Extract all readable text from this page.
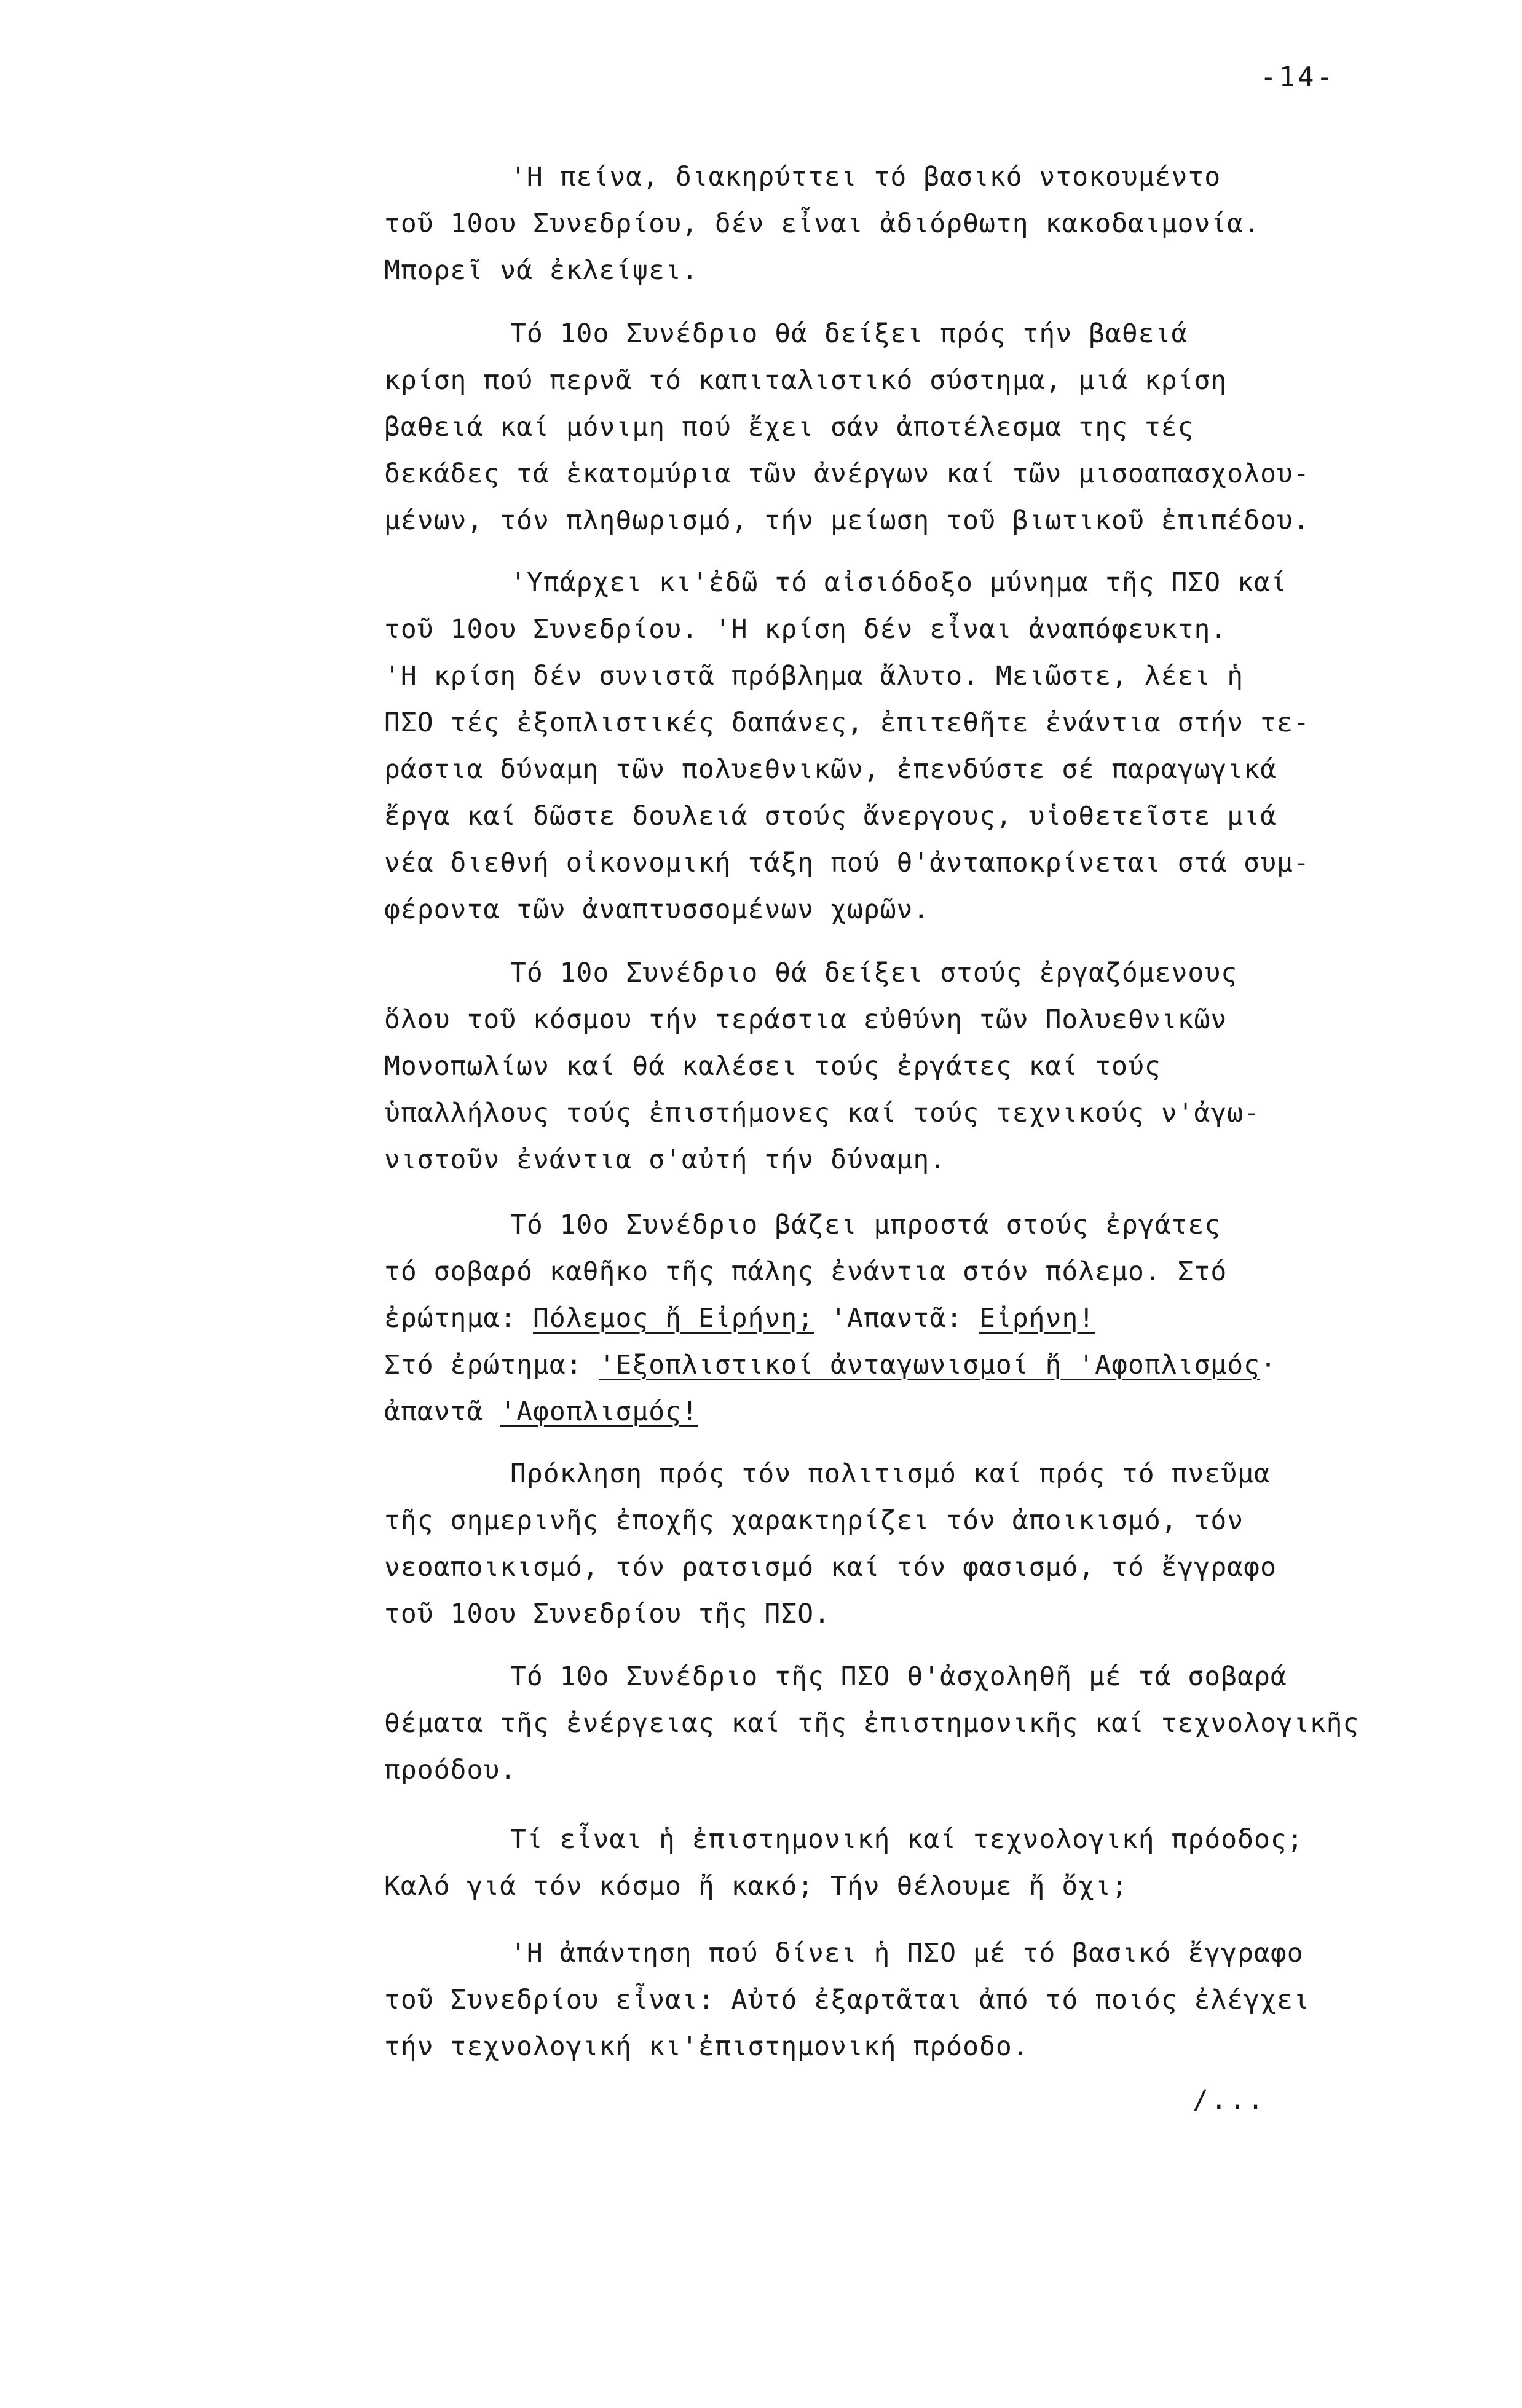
-14-
'Η πείνα, διακηρύττει τό βασικό ντοκουμέντο
τοῦ 10ου Συνεδρίου, δέν εἶναι ἀδιόρθωτη κακοδαιμονία.
Μπορεῖ νά ἐκλείψει.
Τό 10ο Συνέδριο θά δείξει πρός τήν βαθειά
κρίση πού περνᾶ τό καπιταλιστικό σύστημα, μιά κρίση
βαθειά καί μόνιμη πού ἔχει σάν ἀποτέλεσμα της τές
δεκάδες τά ἑκατομύρια τῶν ἀνέργων καί τῶν μισοαπασχολου-
μένων, τόν πληθωρισμό, τήν μείωση τοῦ βιωτικοῦ ἐπιπέδου.
'Υπάρχει κι'ἐδῶ τό αἰσιόδοξο μύνημα τῆς ΠΣΟ καί
τοῦ 10ου Συνεδρίου. 'Η κρίση δέν εἶναι ἀναπόφευκτη.
'Η κρίση δέν συνιστᾶ πρόβλημα ἄλυτο. Μειῶστε, λέει ἡ
ΠΣΟ τές ἐξοπλιστικές δαπάνες, ἐπιτεθῆτε ἐνάντια στήν τε-
ράστια δύναμη τῶν πολυεθνικῶν, ἐπενδύστε σέ παραγωγικά
ἔργα καί δῶστε δουλειά στούς ἄνεργους, υἱοθετεῖστε μιά
νέα διεθνή οἰκονομική τάξη πού θ'ἀνταποκρίνεται στά συμ-
φέροντα τῶν ἀναπτυσσομένων χωρῶν.
Τό 10ο Συνέδριο θά δείξει στούς ἐργαζόμενους
ὅλου τοῦ κόσμου τήν τεράστια εὐθύνη τῶν Πολυεθνικῶν
Μονοπωλίων καί θά καλέσει τούς ἐργάτες καί τούς
ὑπαλλήλους τούς ἐπιστήμονες καί τούς τεχνικούς ν'ἀγω-
νιστοῦν ἐνάντια σ'αὐτή τήν δύναμη.
Τό 10ο Συνέδριο βάζει μπροστά στούς ἐργάτες
τό σοβαρό καθῆκο τῆς πάλης ἐνάντια στόν πόλεμο. Στό
ἐρώτημα: Πόλεμος ἤ Εἰρήνη; 'Απαντᾶ: Εἰρήνη!
Στό ἐρώτημα: 'Εξοπλιστικοί ἀνταγωνισμοί ἤ 'Αφοπλισμός·
ἀπαντᾶ 'Αφοπλισμός!
Πρόκληση πρός τόν πολιτισμό καί πρός τό πνεῦμα
τῆς σημερινῆς ἐποχῆς χαρακτηρίζει τόν ἀποικισμό, τόν
νεοαποικισμό, τόν ρατσισμό καί τόν φασισμό, τό ἔγγραφο
τοῦ 10ου Συνεδρίου τῆς ΠΣΟ.
Τό 10ο Συνέδριο τῆς ΠΣΟ θ'ἀσχοληθῆ μέ τά σοβαρά
θέματα τῆς ἐνέργειας καί τῆς ἐπιστημονικῆς καί τεχνολογικῆς
προόδου.
Τί εἶναι ἡ ἐπιστημονική καί τεχνολογική πρόοδος;
Καλό γιά τόν κόσμο ἤ κακό; Τήν θέλουμε ἤ ὄχι;
'Η ἀπάντηση πού δίνει ἡ ΠΣΟ μέ τό βασικό ἔγγραφο
τοῦ Συνεδρίου εἶναι: Αὐτό ἐξαρτᾶται ἀπό τό ποιός ἐλέγχει
τήν τεχνολογική κι'ἐπιστημονική πρόοδο.
/...
